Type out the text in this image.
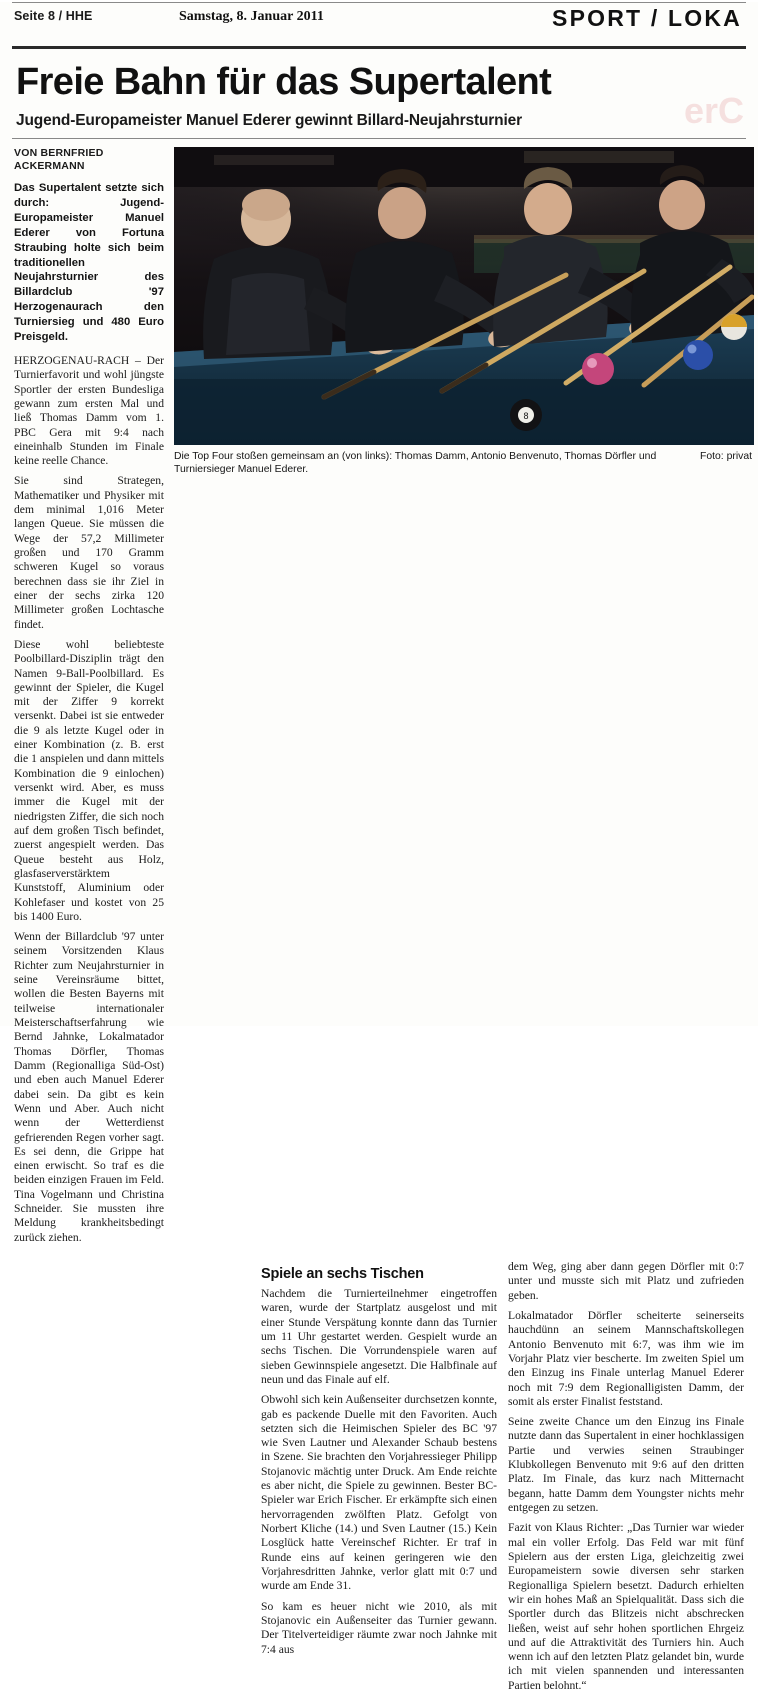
erC
Seite 8 / HHE	Samstag, 8. Januar 2011	SPORT / LOKA
Freie Bahn für das Supertalent
Jugend-Europameister Manuel Ederer gewinnt Billard-Neujahrsturnier
VON BERNFRIED ACKERMANN
Das Supertalent setzte sich durch: Jugend-Europameister Manuel Ederer von Fortuna Straubing holte sich beim traditionellen Neujahrsturnier des Billardclub '97 Herzogenaurach den Turniersieg und 480 Euro Preisgeld.

HERZOGENAU-RACH – Der Turnierfavorit und wohl jüngste Sportler der ersten Bundesliga gewann zum ersten Mal und ließ Thomas Damm vom 1. PBC Gera mit 9:4 nach eineinhalb Stunden im Finale keine reelle Chance.

Sie sind Strategen, Mathematiker und Physiker mit dem minimal 1,016 Meter langen Queue. Sie müssen die Wege der 57,2 Millimeter großen und 170 Gramm schweren Kugel so voraus berechnen dass sie ihr Ziel in einer der sechs zirka 120 Millimeter großen Lochtasche findet.

Diese wohl beliebteste Poolbillard-Disziplin trägt den Namen 9-Ball-Poolbillard. Es gewinnt der Spieler, die Kugel mit der Ziffer 9 korrekt versenkt. Dabei ist sie entweder die 9 als letzte Kugel oder in einer Kombination (z. B. erst die 1 anspielen und dann mittels Kombination die 9 einlochen) versenkt wird. Aber, es muss immer die Kugel mit der niedrigsten Ziffer, die sich noch auf dem großen Tisch befindet, zuerst angespielt werden. Das Queue besteht aus Holz, glasfaserverstärktem Kunststoff, Aluminium oder Kohlefaser und kostet von 25 bis 1400 Euro.

Wenn der Billardclub '97 unter seinem Vorsitzenden Klaus Richter zum Neujahrsturnier in seine Vereinsräume bittet, wollen die Besten Bayerns mit teilweise internationaler Meisterschaftserfahrung wie Bernd Jahnke, Lokalmatador Thomas Dörfler, Thomas Damm (Regionalliga Süd-Ost) und eben auch Manuel Ederer dabei sein. Da gibt es kein Wenn und Aber. Auch nicht wenn der Wetterdienst gefrierenden Regen vorher sagt. Es sei denn, die Grippe hat einen erwischt. So traf es die beiden einzigen Frauen im Feld. Tina Vogelmann und Christina Schneider. Sie mussten ihre Meldung krankheitsbedingt zurück ziehen.

8
Foto: privat
Die Top Four stoßen gemeinsam an (von links): Thomas Damm, Antonio Benvenuto, Thomas Dörfler und Turniersieger Manuel Ederer.

Spiele an sechs Tischen

Nachdem die Turnierteilnehmer eingetroffen waren, wurde der Startplatz ausgelost und mit einer Stunde Verspätung konnte dann das Turnier um 11 Uhr gestartet werden. Gespielt wurde an sechs Tischen. Die Vorrundenspiele waren auf sieben Gewinnspiele angesetzt. Die Halbfinale auf neun und das Finale auf elf.

Obwohl sich kein Außenseiter durchsetzen konnte, gab es packende Duelle mit den Favoriten. Auch setzten sich die Heimischen Spieler des BC '97 wie Sven Lautner und Alexander Schaub bestens in Szene. Sie brachten den Vorjahressieger Philipp Stojanovic mächtig unter Druck. Am Ende reichte es aber nicht, die Spiele zu gewinnen. Bester BC-Spieler war Erich Fischer. Er erkämpfte sich einen hervorragenden zwölften Platz. Gefolgt von Norbert Kliche (14.) und Sven Lautner (15.) Kein Losglück hatte Vereinschef Richter. Er traf in Runde eins auf keinen geringeren wie den Vorjahresdritten Jahnke, verlor glatt mit 0:7 und wurde am Ende 31.

So kam es heuer nicht wie 2010, als mit Stojanovic ein Außenseiter das Turnier gewann. Der Titelverteidiger räumte zwar noch Jahnke mit 7:4 aus

dem Weg, ging aber dann gegen Dörfler mit 0:7 unter und musste sich mit Platz und zufrieden geben.

Lokalmatador Dörfler scheiterte seinerseits hauchdünn an seinem Mannschaftskollegen Antonio Benvenuto mit 6:7, was ihm wie im Vorjahr Platz vier bescherte. Im zweiten Spiel um den Einzug ins Finale unterlag Manuel Ederer noch mit 7:9 dem Regionalligisten Damm, der somit als erster Finalist feststand.

Seine zweite Chance um den Einzug ins Finale nutzte dann das Supertalent in einer hochklassigen Partie und verwies seinen Straubinger Klubkollegen Benvenuto mit 9:6 auf den dritten Platz. Im Finale, das kurz nach Mitternacht begann, hatte Damm dem Youngster nichts mehr entgegen zu setzen.

Fazit von Klaus Richter: „Das Turnier war wieder mal ein voller Erfolg. Das Feld war mit fünf Spielern aus der ersten Liga, gleichzeitig zwei Europameistern sowie diversen sehr starken Regionalliga Spielern besetzt. Dadurch erhielten wir ein hohes Maß an Spielqualität. Dass sich die Sportler durch das Blitzeis nicht abschrecken ließen, weist auf sehr hohen sportlichen Ehrgeiz und auf die Attraktivität des Turniers hin. Auch wenn ich auf den letzten Platz gelandet bin, wurde ich mit vielen spannenden und interessanten Partien belohnt.“
